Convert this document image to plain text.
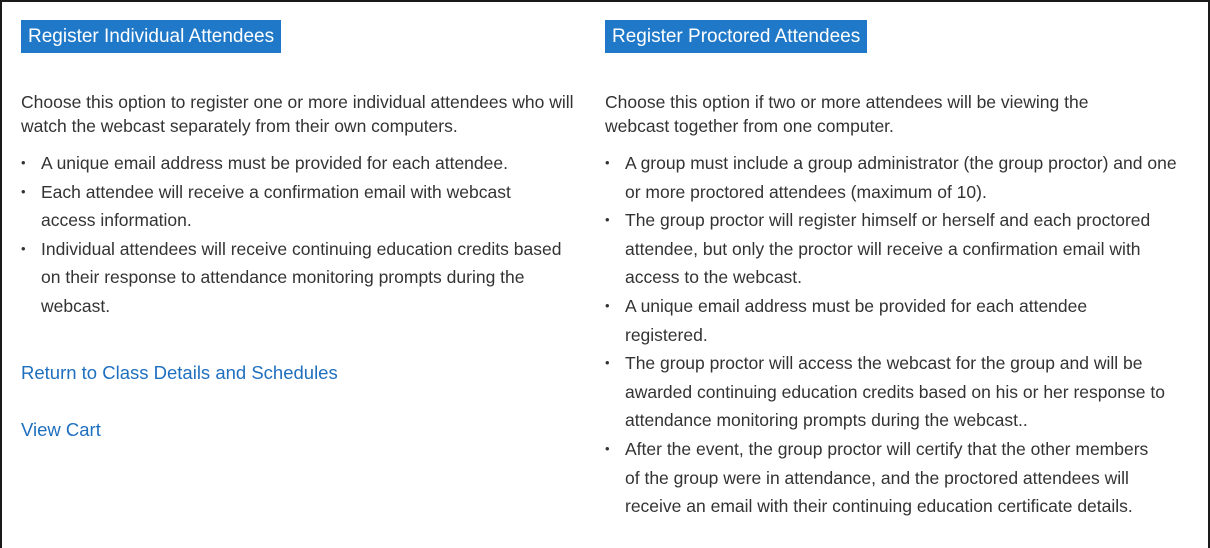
Register Individual Attendees

Choose this option to register one or more individual attendees who will watch the webcast separately from their own computers.

• A unique email address must be provided for each attendee.
• Each attendee will receive a confirmation email with webcast access information.
• Individual attendees will receive continuing education credits based on their response to attendance monitoring prompts during the webcast.
Return to Class Details and Schedules
View Cart
Register Proctored Attendees

Choose this option if two or more attendees will be viewing the webcast together from one computer.

• A group must include a group administrator (the group proctor) and one or more proctored attendees (maximum of 10).
• The group proctor will register himself or herself and each proctored attendee, but only the proctor will receive a confirmation email with access to the webcast.
• A unique email address must be provided for each attendee registered.
• The group proctor will access the webcast for the group and will be awarded continuing education credits based on his or her response to attendance monitoring prompts during the webcast..
• After the event, the group proctor will certify that the other members of the group were in attendance, and the proctored attendees will receive an email with their continuing education certificate details.
